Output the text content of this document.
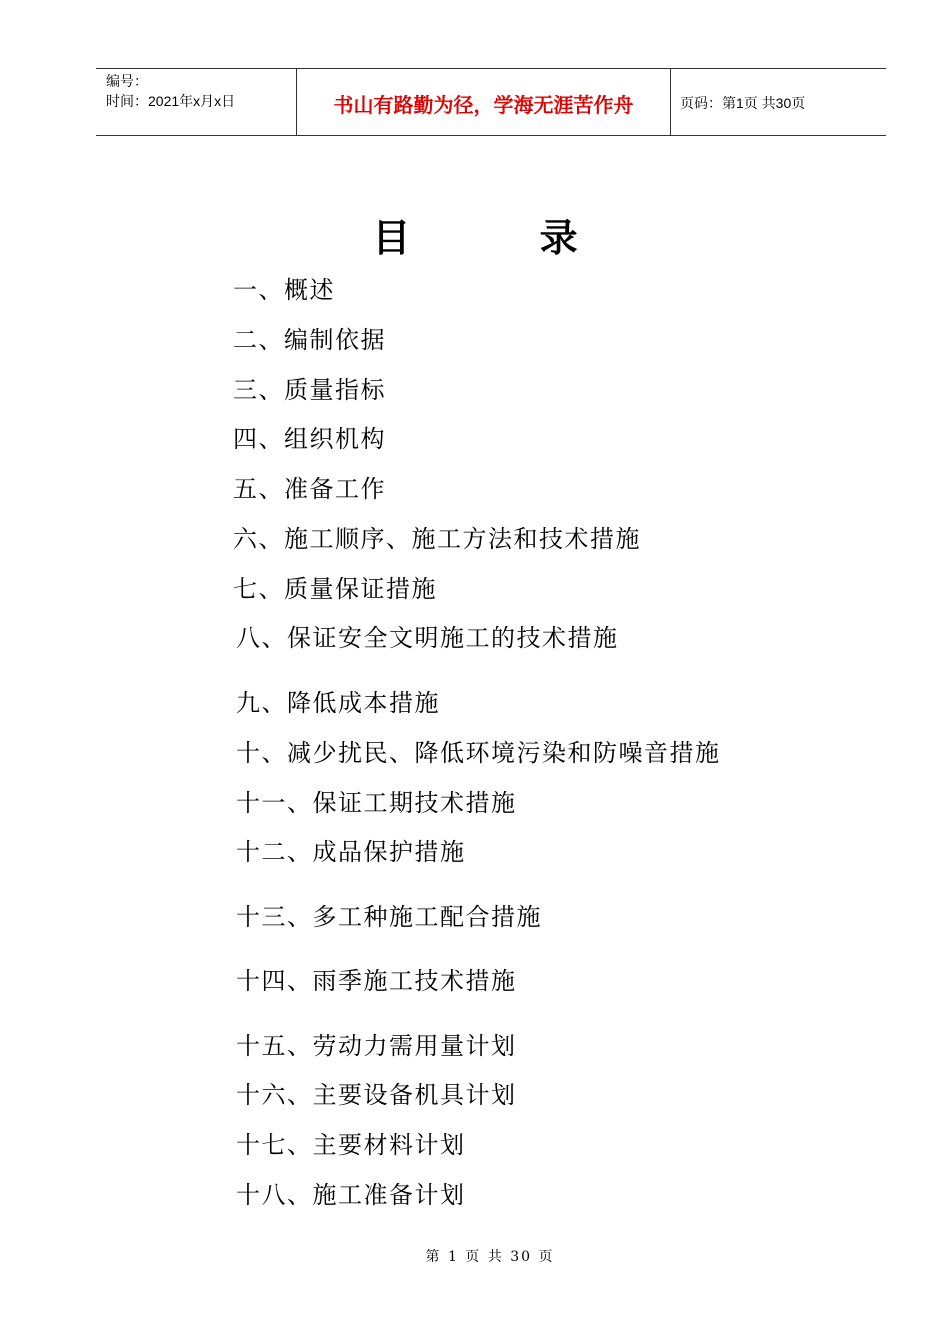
编号：
时间：2021年x月x日	书山有路勤为径，学海无涯苦作舟	页码：第1页 共30页
目 录
一、概述
二、编制依据
三、质量指标
四、组织机构
五、准备工作
六、施工顺序、施工方法和技术措施
七、质量保证措施
八、保证安全文明施工的技术措施
九、降低成本措施
十、减少扰民、降低环境污染和防噪音措施
十一、保证工期技术措施
十二、成品保护措施
十三、多工种施工配合措施
十四、雨季施工技术措施
十五、劳动力需用量计划
十六、主要设备机具计划
十七、主要材料计划
十八、施工准备计划
第 1 页 共 30 页
